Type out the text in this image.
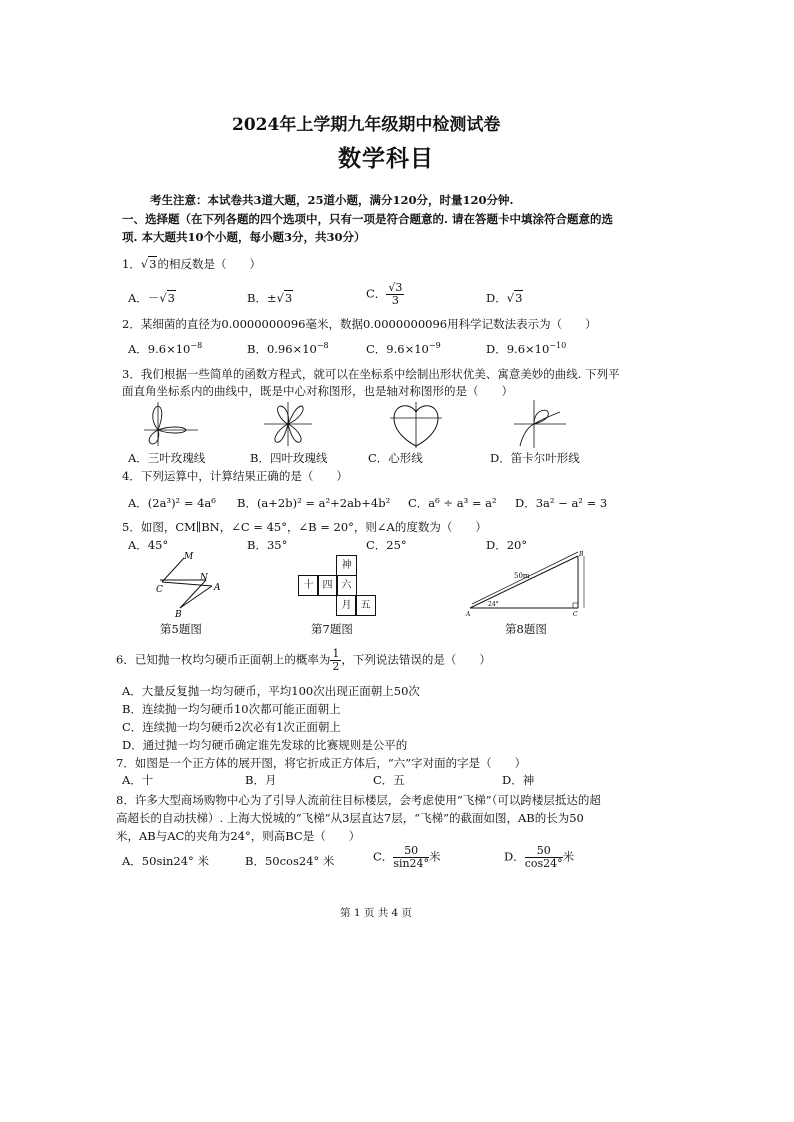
2024年上学期九年级期中检测试卷
数学科目
考生注意：本试卷共3道大题，25道小题，满分120分，时量120分钟.
一、选择题（在下列各题的四个选项中，只有一项是符合题意的. 请在答题卡中填涂符合题意的选
项. 本大题共10个小题，每小题3分，共30分）
1．√3的相反数是（　　）
A．－√3	B．±√3	C． $\frac{√3}{3}$	D．√3
2．某细菌的直径为0.0000000096毫米，数据0.0000000096用科学记数法表示为（　　）
A．$9.6\times 10^{-8}$	B．$0.96\times 10^{-8}$	C．$9.6\times 10^{-9}$	D．$9.6\times 10^{-10}$
3．我们根据一些简单的函数方程式，就可以在坐标系中绘制出形状优美、寓意美妙的曲线. 下列平
面直角坐标系内的曲线中，既是中心对称图形，也是轴对称图形的是（　　）
A．三叶玫瑰线	B．四叶玫瑰线	C．心形线	D．笛卡尔叶形线
4．下列运算中，计算结果正确的是（　　）
A．(2a³)² = 4a⁶ B．(a+2b)² = a²+2ab+4b² C．a⁶ ÷ a³ = a² D．3a² − a² = 3
5．如图，CM∥BN，∠C = 45°，∠B = 20°，则∠A的度数为（　　）
A．45°	B．35°	C．25°	D．20°
M
N
C	A
B
神
十 四 六
月 五
50m
24°
A
B
C
第5题图	第7题图	第8题图
6．已知抛一枚均匀硬币正面朝上的概率为 $\frac{1}{2}$ ，下列说法错误的是（　　）
A．大量反复抛一均匀硬币，平均100次出现正面朝上50次
B．连续抛一均匀硬币10次都可能正面朝上
C．连续抛一均匀硬币2次必有1次正面朝上
D．通过抛一均匀硬币确定谁先发球的比赛规则是公平的
7．如图是一个正方体的展开图，将它折成正方体后，“六”字对面的字是（　　）
A．十	B．月	C．五	D．神
8．许多大型商场购物中心为了引导人流前往目标楼层，会考虑使用“飞梯”（可以跨楼层抵达的超
高超长的自动扶梯）. 上海大悦城的“飞梯”从3层直达7层，“飞梯”的截面如图，AB的长为50
米，AB与AC的夹角为24°，则高BC是（　　）
A．50sin24° 米	B．50cos24° 米	C． $\frac{50}{\sin 24^\circ}$ 米	D． $\frac{50}{\cos 24^\circ}$ 米
第 1 页 共 4 页
